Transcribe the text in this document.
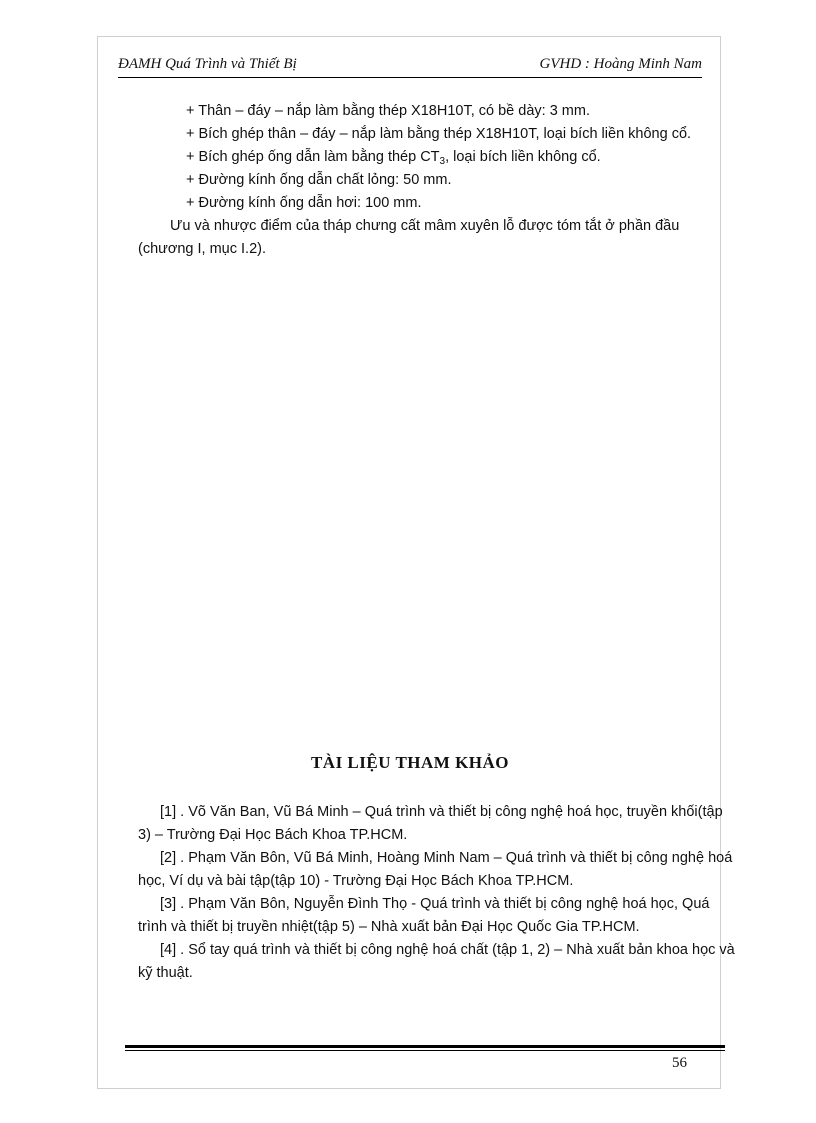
ĐAMH Quá Trình và Thiết Bị	GVHD : Hoàng Minh Nam

+ Thân – đáy – nắp làm bằng thép X18H10T, có bề dày: 3 mm.

+ Bích ghép thân – đáy – nắp làm bằng thép X18H10T, loại bích liền không cổ.

+ Bích ghép ống dẫn làm bằng thép $CT_3$, loại bích liền không cổ.

+ Đường kính ống dẫn chất lỏng: 50 mm.

+ Đường kính ống dẫn hơi: 100 mm.

Ưu và nhược điểm của tháp chưng cất mâm xuyên lỗ được tóm tắt ở phần đầu (chương I, mục I.2).

TÀI LIỆU THAM KHẢO

[1] . Võ Văn Ban, Vũ Bá Minh – Quá trình và thiết bị công nghệ hoá học, truyền khối(tập 3) – Trường Đại Học Bách Khoa TP.HCM.

[2] . Phạm Văn Bôn, Vũ Bá Minh, Hoàng Minh Nam – Quá trình và thiết bị công nghệ hoá học, Ví dụ và bài tập(tập 10) - Trường Đại Học Bách Khoa TP.HCM.

[3] . Phạm Văn Bôn, Nguyễn Đình Thọ - Quá trình và thiết bị công nghệ hoá học, Quá trình và thiết bị truyền nhiệt(tập 5) – Nhà xuất bản Đại Học Quốc Gia TP.HCM.

[4] . Sổ tay quá trình và thiết bị công nghệ hoá chất (tập 1, 2) – Nhà xuất bản khoa học và kỹ thuật.

56
